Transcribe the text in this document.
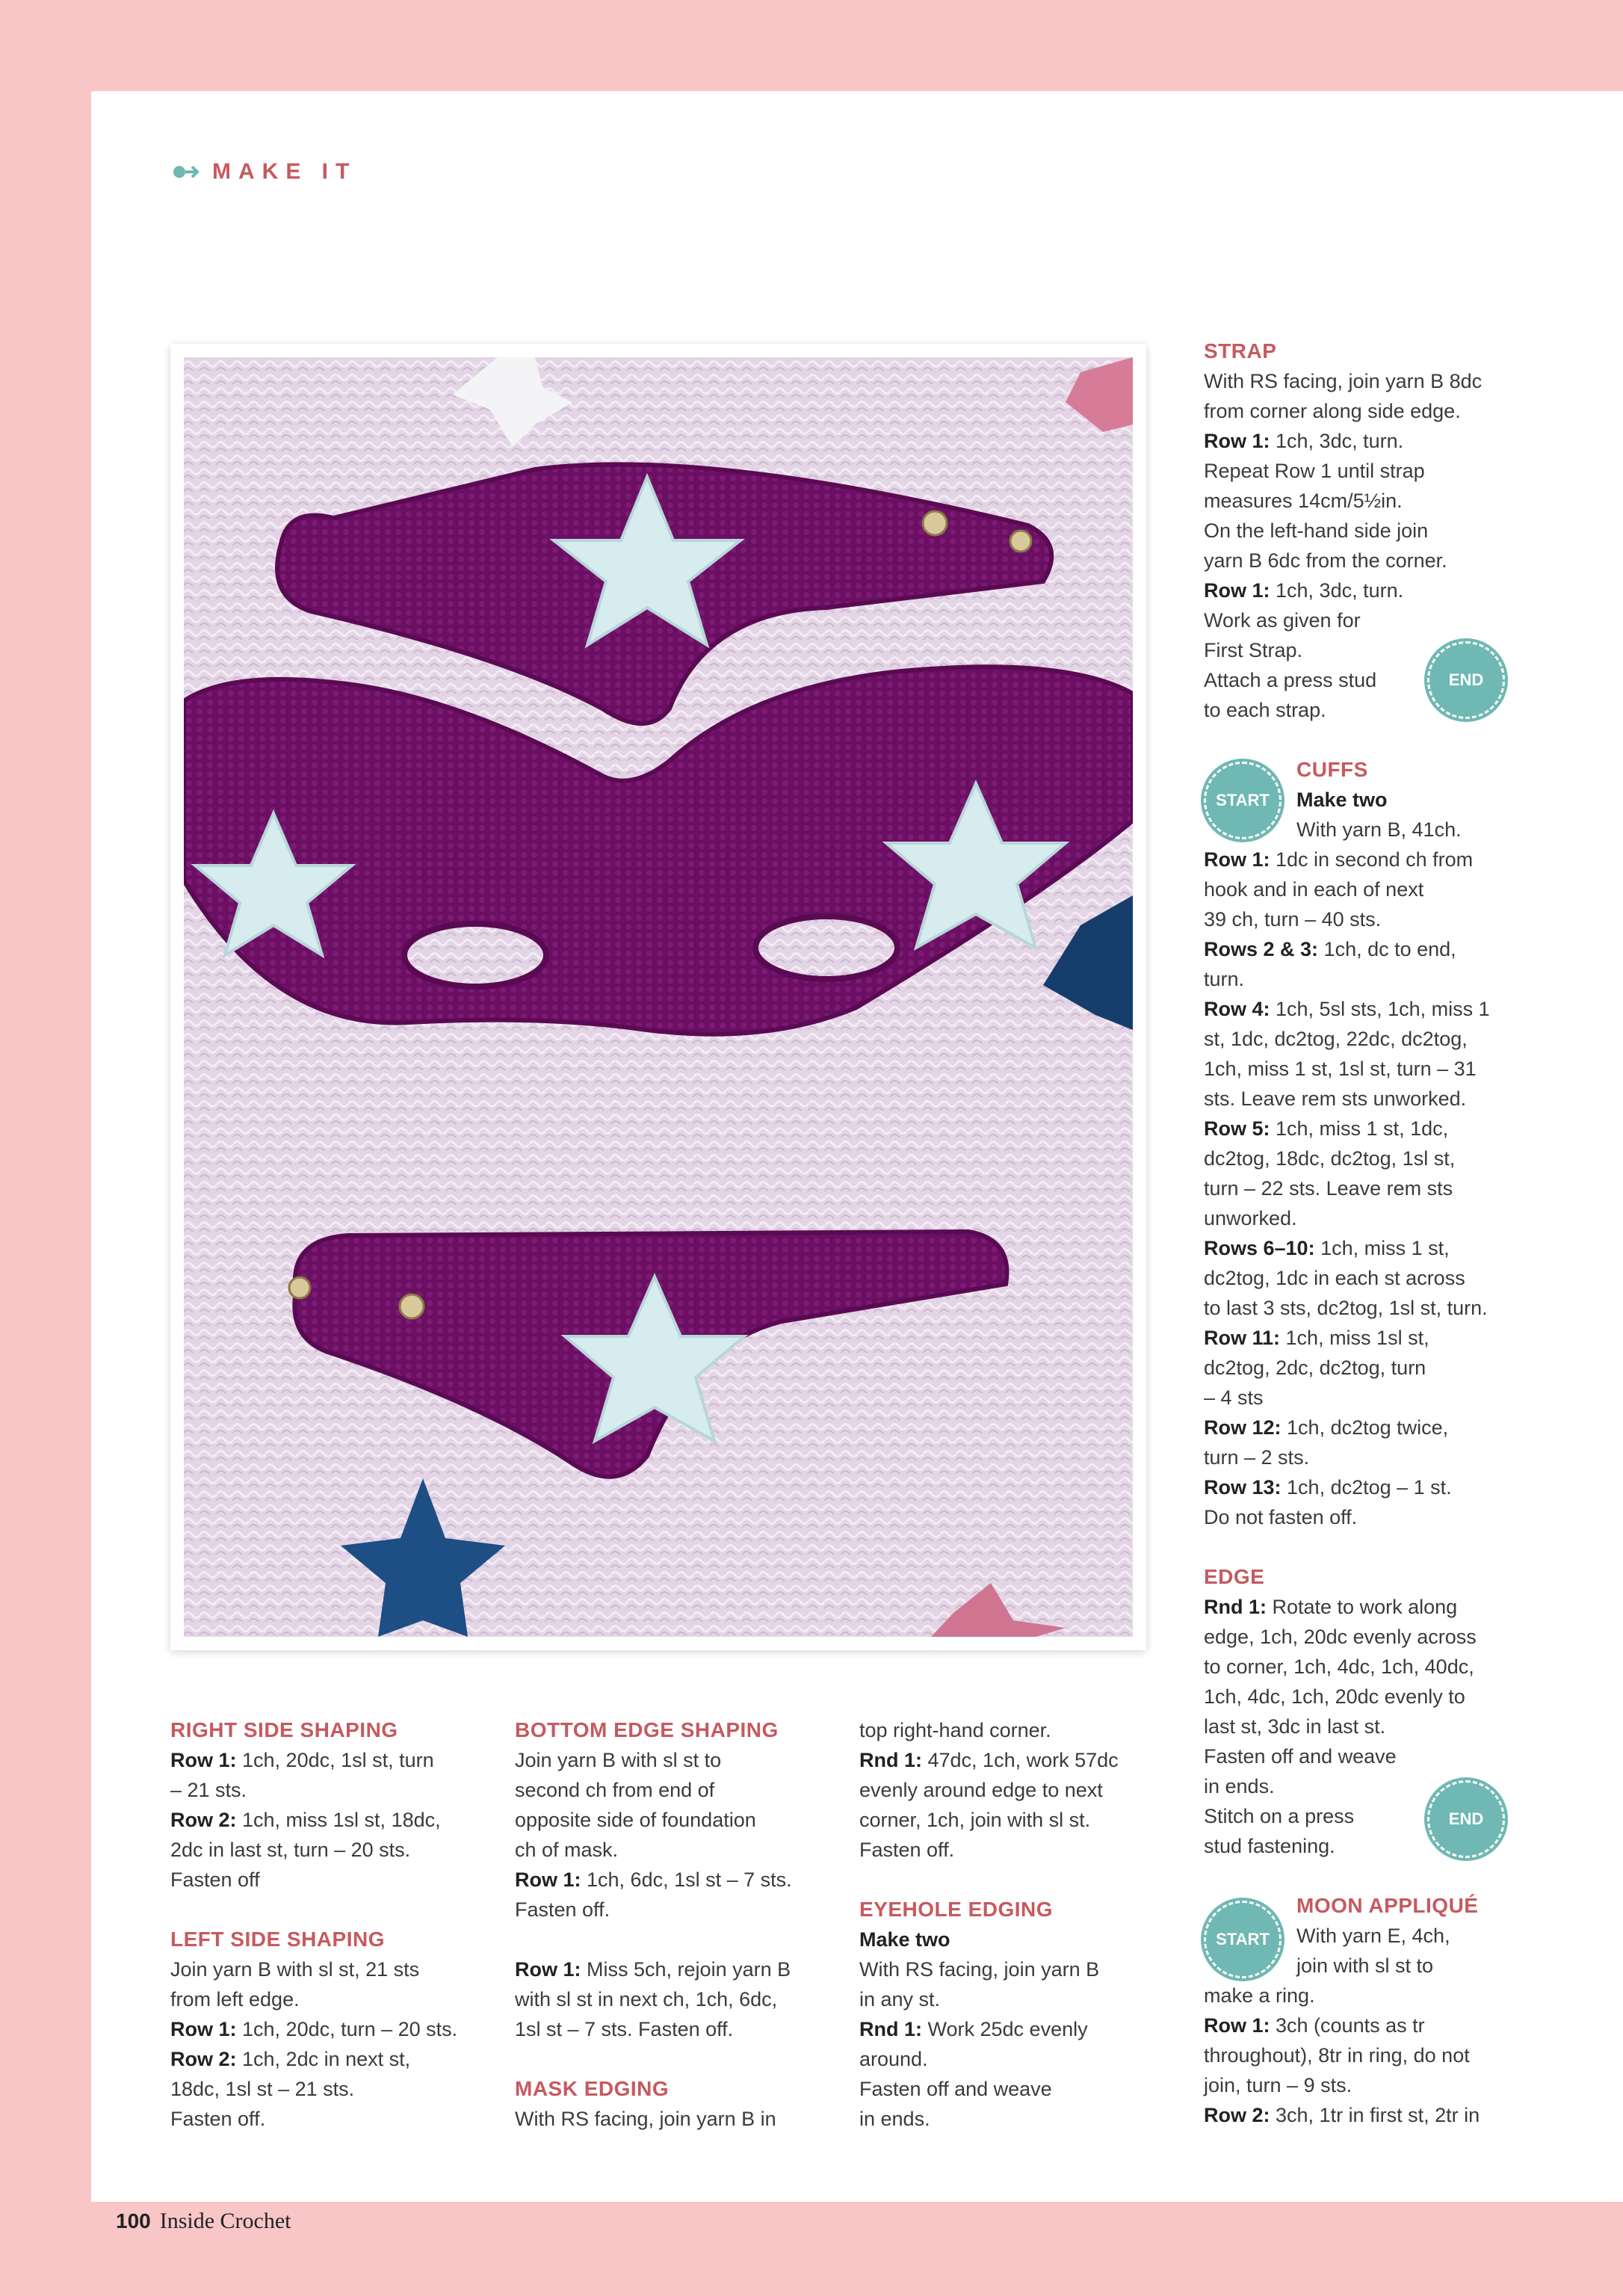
MAKE IT

RIGHT SIDE SHAPING

Row 1: 1ch, 20dc, 1sl st, turn

– 21 sts.

Row 2: 1ch, miss 1sl st, 18dc,

2dc in last st, turn – 20 sts.

Fasten off

LEFT SIDE SHAPING

Join yarn B with sl st, 21 sts

from left edge.

Row 1: 1ch, 20dc, turn – 20 sts.

Row 2: 1ch, 2dc in next st,

18dc, 1sl st – 21 sts.

Fasten off.

BOTTOM EDGE SHAPING

Join yarn B with sl st to

second ch from end of

opposite side of foundation

ch of mask.

Row 1: 1ch, 6dc, 1sl st – 7 sts.

Fasten off.

Row 1: Miss 5ch, rejoin yarn B

with sl st in next ch, 1ch, 6dc,

1sl st – 7 sts. Fasten off.

MASK EDGING

With RS facing, join yarn B in

top right-hand corner.

Rnd 1: 47dc, 1ch, work 57dc

evenly around edge to next

corner, 1ch, join with sl st.

Fasten off.

EYEHOLE EDGING

Make two

With RS facing, join yarn B

in any st.

Rnd 1: Work 25dc evenly

around.

Fasten off and weave

in ends.

STRAP

With RS facing, join yarn B 8dc

from corner along side edge.

Row 1: 1ch, 3dc, turn.

Repeat Row 1 until strap

measures 14cm/5½in.

On the left-hand side join

yarn B 6dc from the corner.

Row 1: 1ch, 3dc, turn.

Work as given for

First Strap.

Attach a press stud

to each strap.

CUFFS

Make two

With yarn B, 41ch.

Row 1: 1dc in second ch from

hook and in each of next

39 ch, turn – 40 sts.

Rows 2 & 3: 1ch, dc to end,

turn.

Row 4: 1ch, 5sl sts, 1ch, miss 1

st, 1dc, dc2tog, 22dc, dc2tog,

1ch, miss 1 st, 1sl st, turn – 31

sts. Leave rem sts unworked.

Row 5: 1ch, miss 1 st, 1dc,

dc2tog, 18dc, dc2tog, 1sl st,

turn – 22 sts. Leave rem sts

unworked.

Rows 6–10: 1ch, miss 1 st,

dc2tog, 1dc in each st across

to last 3 sts, dc2tog, 1sl st, turn.

Row 11: 1ch, miss 1sl st,

dc2tog, 2dc, dc2tog, turn

– 4 sts

Row 12: 1ch, dc2tog twice,

turn – 2 sts.

Row 13: 1ch, dc2tog – 1 st.

Do not fasten off.

EDGE

Rnd 1: Rotate to work along

edge, 1ch, 20dc evenly across

to corner, 1ch, 4dc, 1ch, 40dc,

1ch, 4dc, 1ch, 20dc evenly to

last st, 3dc in last st.

Fasten off and weave

in ends.

Stitch on a press

stud fastening.

MOON APPLIQUÉ

With yarn E, 4ch,

join with sl st to

make a ring.

Row 1: 3ch (counts as tr

throughout), 8tr in ring, do not

join, turn – 9 sts.

Row 2: 3ch, 1tr in first st, 2tr in

END
START
END
START
100 Inside Crochet
